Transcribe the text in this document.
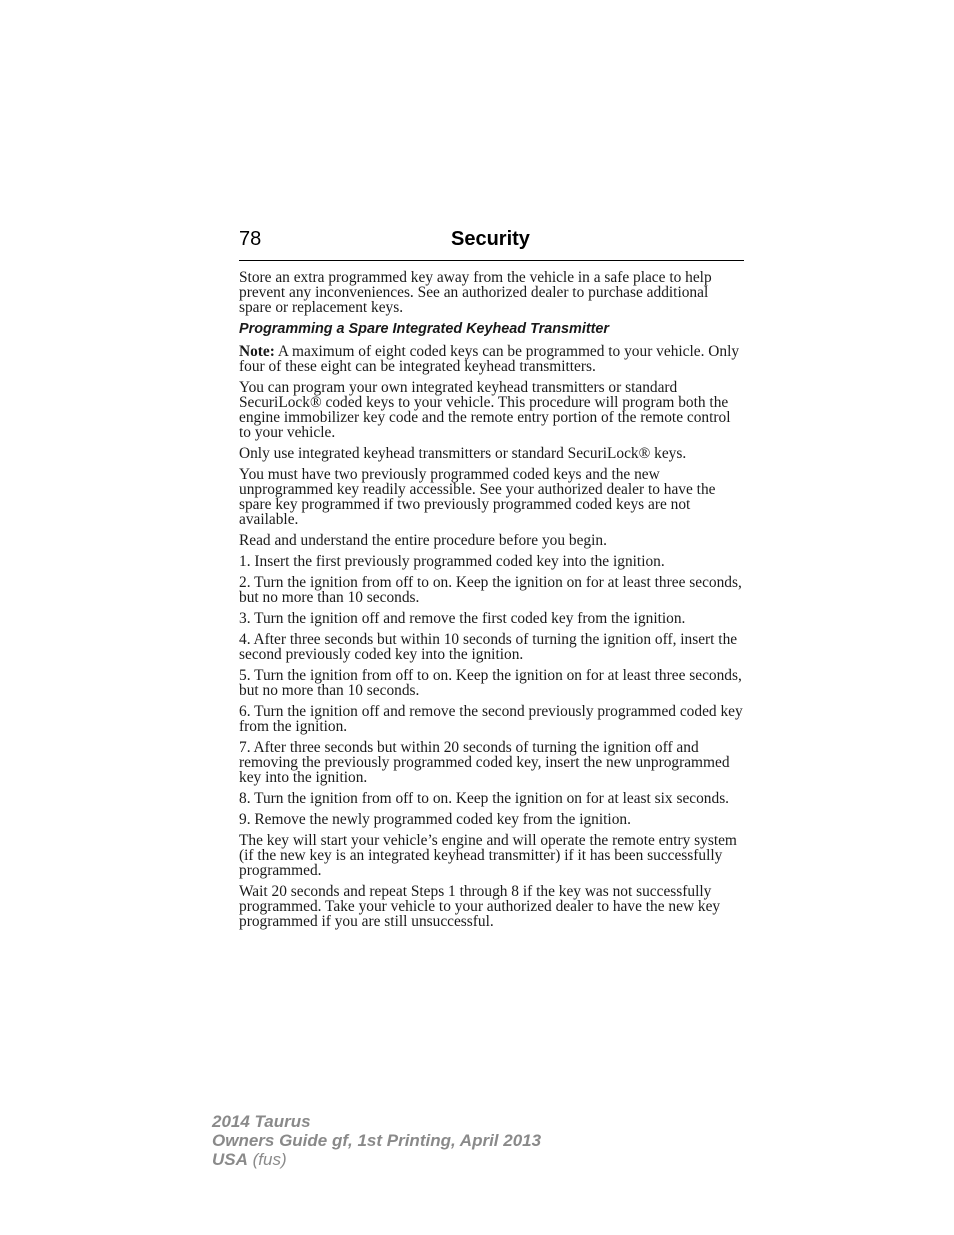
78	Security

Store an extra programmed key away from the vehicle in a safe place to help prevent any inconveniences. See an authorized dealer to purchase additional spare or replacement keys.

Programming a Spare Integrated Keyhead Transmitter

Note: A maximum of eight coded keys can be programmed to your vehicle. Only four of these eight can be integrated keyhead transmitters.

You can program your own integrated keyhead transmitters or standard SecuriLock® coded keys to your vehicle. This procedure will program both the engine immobilizer key code and the remote entry portion of the remote control to your vehicle.

Only use integrated keyhead transmitters or standard SecuriLock® keys.

You must have two previously programmed coded keys and the new unprogrammed key readily accessible. See your authorized dealer to have the spare key programmed if two previously programmed coded keys are not available.

Read and understand the entire procedure before you begin.

1. Insert the first previously programmed coded key into the ignition.

2. Turn the ignition from off to on. Keep the ignition on for at least three seconds, but no more than 10 seconds.

3. Turn the ignition off and remove the first coded key from the ignition.

4. After three seconds but within 10 seconds of turning the ignition off, insert the second previously coded key into the ignition.

5. Turn the ignition from off to on. Keep the ignition on for at least three seconds, but no more than 10 seconds.

6. Turn the ignition off and remove the second previously programmed coded key from the ignition.

7. After three seconds but within 20 seconds of turning the ignition off and removing the previously programmed coded key, insert the new unprogrammed key into the ignition.

8. Turn the ignition from off to on. Keep the ignition on for at least six seconds.

9. Remove the newly programmed coded key from the ignition.

The key will start your vehicle’s engine and will operate the remote entry system (if the new key is an integrated keyhead transmitter) if it has been successfully programmed.

Wait 20 seconds and repeat Steps 1 through 8 if the key was not successfully programmed. Take your vehicle to your authorized dealer to have the new key programmed if you are still unsuccessful.

2014 Taurus
Owners Guide gf, 1st Printing, April 2013
USA (fus)
